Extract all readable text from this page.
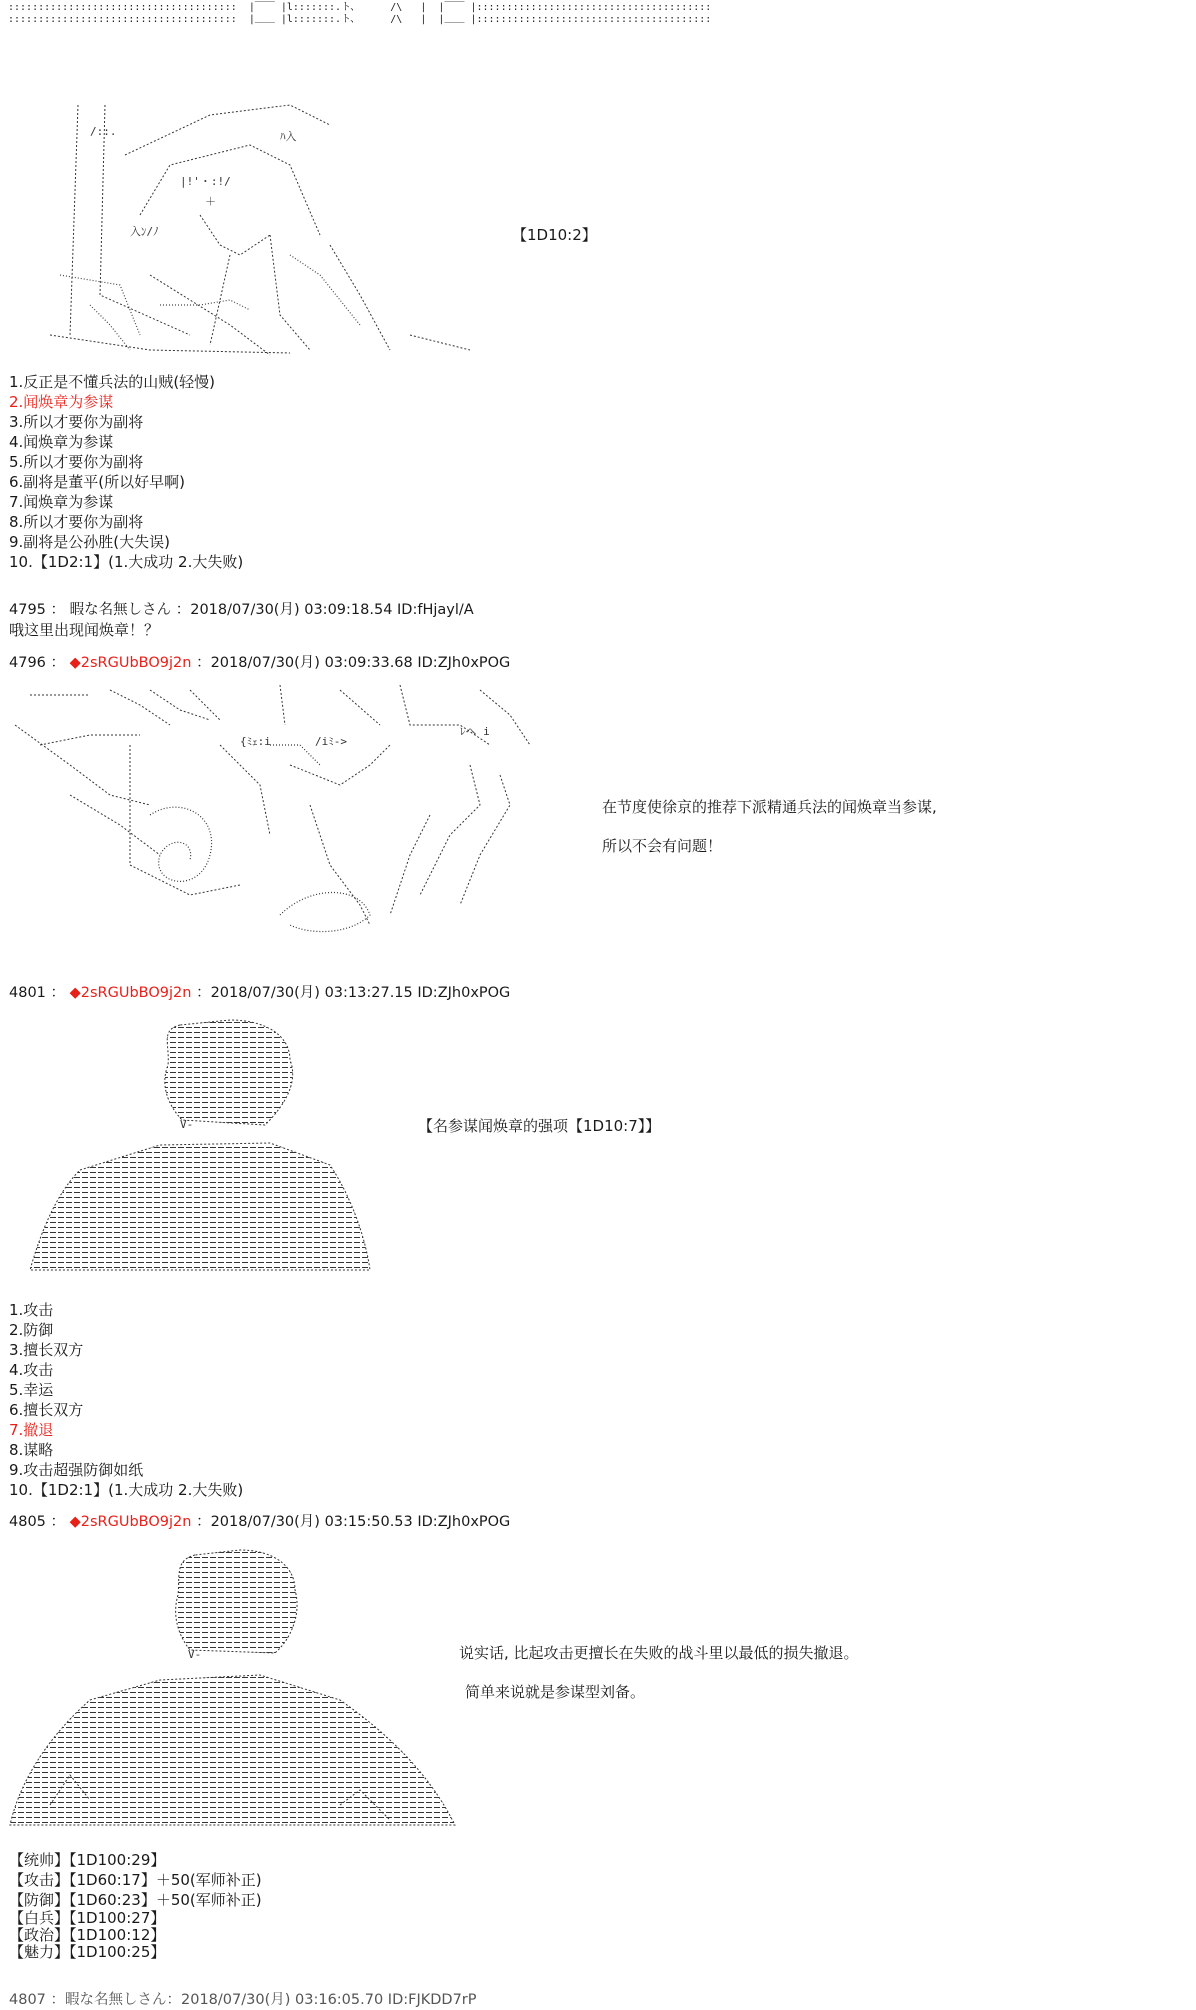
::::::::::::::::::::::::::::::::::::::  |￣￣ |l:::::::.ト、     /\   |  |￣￣ |:::::::::::::::::::::::::::::::::::::::
::::::::::::::::::::::::::::::::::::::  |＿＿ |l:::::::.ト、     /\   |  |＿＿ |:::::::::::::::::::::::::::::::::::::::
|!'・:!/
＋
ﾊ入
/::.
入ﾝ/ﾉ	【1D10:2】
1.反正是不懂兵法的山贼(轻慢)
2.闻焕章为参谋
3.所以才要你为副将
4.闻焕章为参谋
5.所以才要你为副将
6.副将是董平(所以好早啊)
7.闻焕章为参谋
8.所以才要你为副将
9.副将是公孙胜(大失误)
10.【1D2:1】(1.大成功 2.大失败)
4795 ： 暇な名無しさん ：2018/07/30(月) 03:09:18.54 ID:fHjayl/A
哦这里出现闻焕章！？
4796 ： ◆2sRGUbBO9j2n ：2018/07/30(月) 03:09:33.68 ID:ZJh0xPOG
{ﾐｪ:i	/iﾐ‐>
ﾚヘ i
在节度使徐京的推荐下派精通兵法的闻焕章当参谋,
所以不会有问题！
4801 ： ◆2sRGUbBO9j2n ：2018/07/30(月) 03:13:27.15 ID:ZJh0xPOG
V‐	【名参谋闻焕章的强项【1D10:7】】
1.攻击
2.防御
3.擅长双方
4.攻击
5.幸运
6.擅长双方
7.撤退
8.谋略
9.攻击超强防御如纸
10.【1D2:1】(1.大成功 2.大失败)
4805 ： ◆2sRGUbBO9j2n ：2018/07/30(月) 03:15:50.53 ID:ZJh0xPOG
V‐	说实话, 比起攻击更擅长在失败的战斗里以最低的损失撤退。
简单来说就是参谋型刘备。
【统帅】【1D100:29】
【攻击】【1D60:17】＋50(军师补正)
【防御】【1D60:23】＋50(军师补正)
【白兵】【1D100:27】
【政治】【1D100:12】
【魅力】【1D100:25】
4807 ：暇な名無しさん：2018/07/30(月) 03:16:05.70 ID:FJKDD7rP
